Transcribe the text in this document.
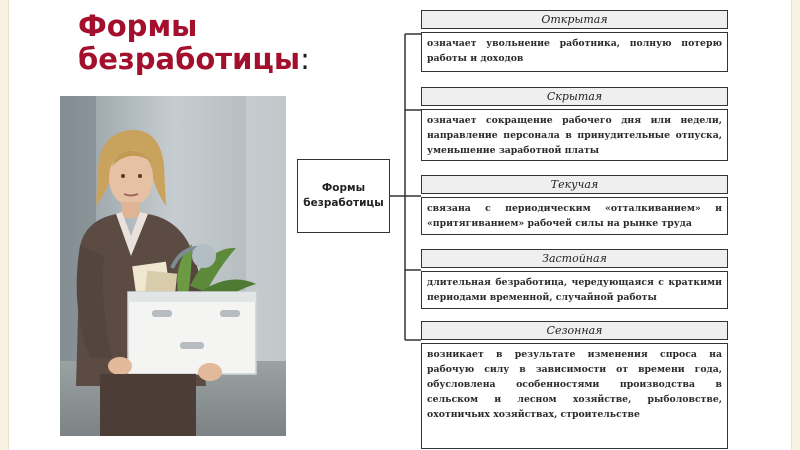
Формы
безработицы:
Формы
безработицы
Открытая
означает увольнение работника, полную потерю работы и доходов
Скрытая
означает сокращение рабочего дня или недели, направление персонала в принудительные отпуска, уменьшение заработной платы
Текучая
связана с периодическим «отталкиванием» и «притягиванием» рабочей силы на рынке труда
Застойная
длительная безработица, чередующаяся с краткими периодами временной, случайной работы
Сезонная
возникает в результате изменения спроса на рабочую силу в зависимости от времени года, обусловлена особенностями производства в сельском и лесном хозяйстве, рыболовстве, охотничьих хозяйствах, строительстве
